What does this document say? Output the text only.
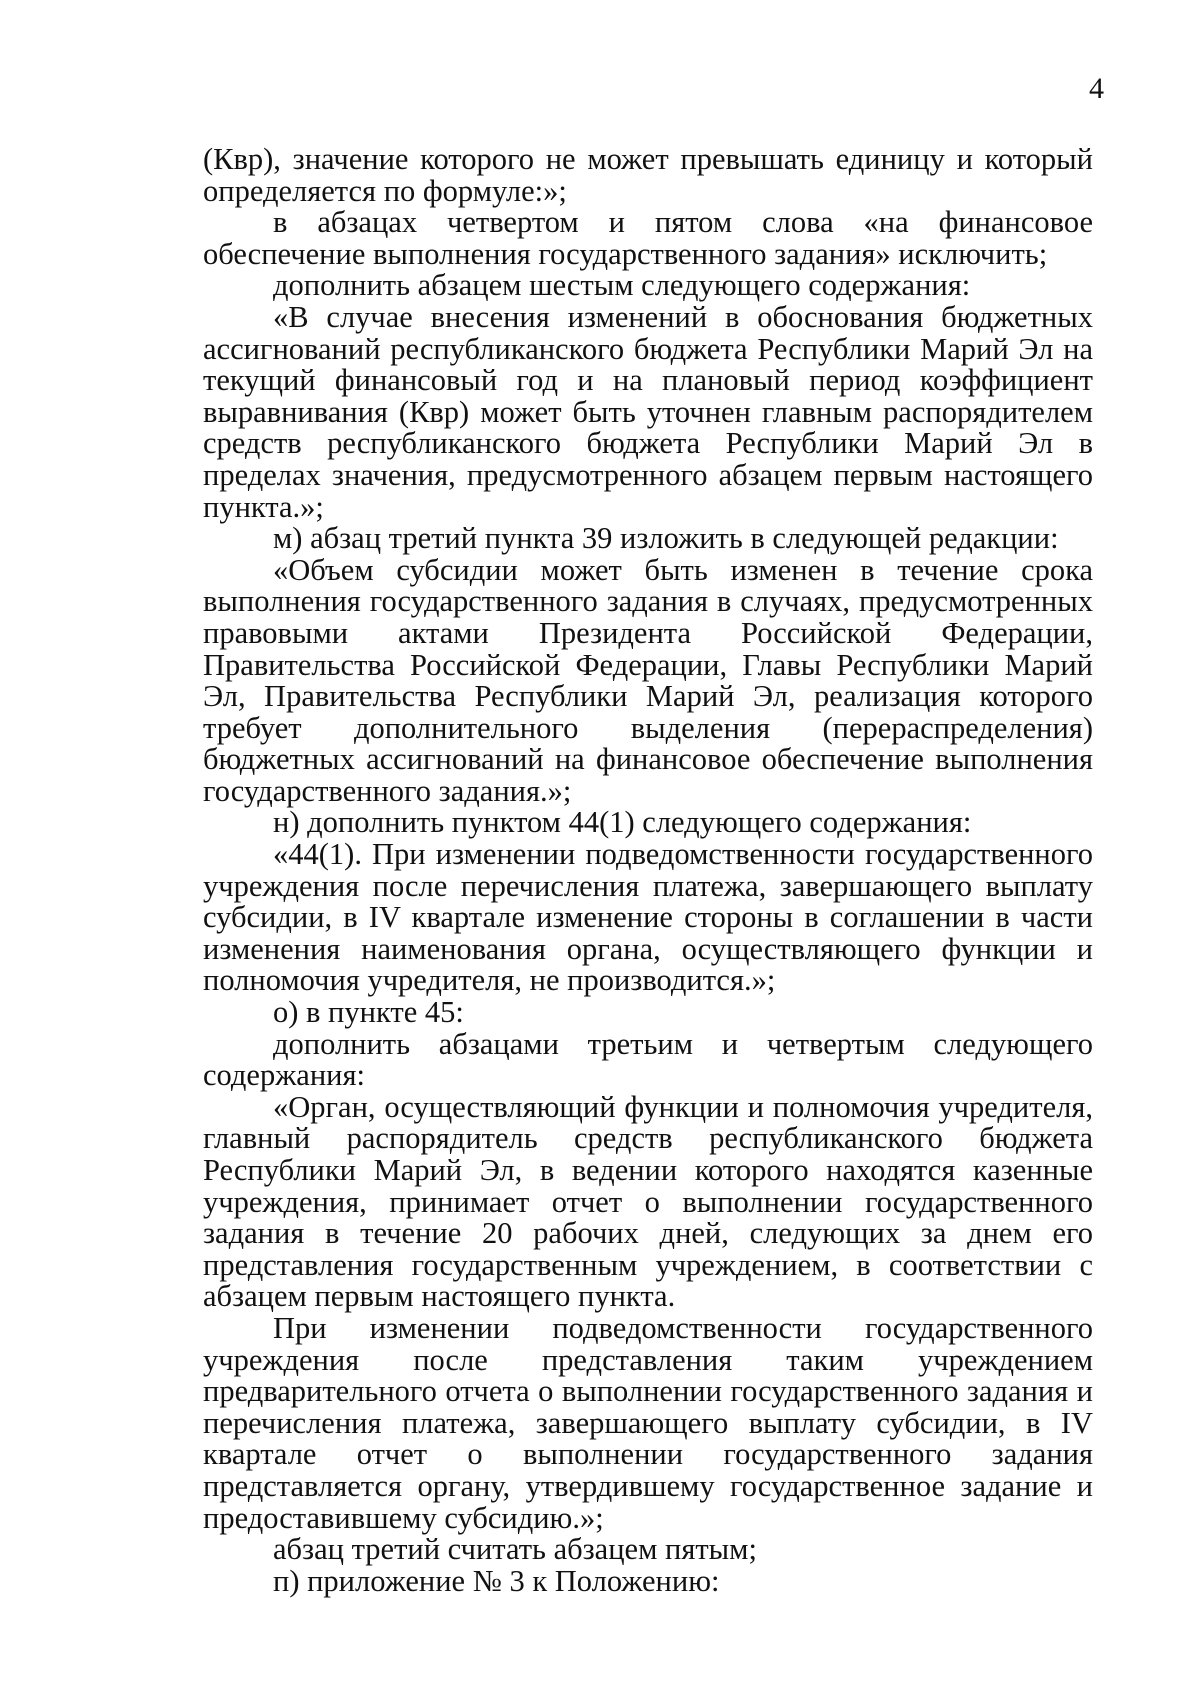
4

(Квр), значение которого не может превышать единицу и который определяется по формуле:»;

в абзацах четвертом и пятом слова «на финансовое обеспечение выполнения государственного задания» исключить;

дополнить абзацем шестым следующего содержания:

«В случае внесения изменений в обоснования бюджетных ассигнований республиканского бюджета Республики Марий Эл на текущий финансовый год и на плановый период коэффициент выравнивания (Квр) может быть уточнен главным распорядителем средств республиканского бюджета Республики Марий Эл в пределах значения, предусмотренного абзацем первым настоящего пункта.»;

м) абзац третий пункта 39 изложить в следующей редакции:

«Объем субсидии может быть изменен в течение срока выполнения государственного задания в случаях, предусмотренных правовыми актами Президента Российской Федерации, Правительства Российской Федерации, Главы Республики Марий Эл, Правительства Республики Марий Эл, реализация которого требует дополнительного выделения (перераспределения) бюджетных ассигнований на финансовое обеспечение выполнения государственного задания.»;

н) дополнить пунктом 44(1) следующего содержания:

«44(1). При изменении подведомственности государственного учреждения после перечисления платежа, завершающего выплату субсидии, в IV квартале изменение стороны в соглашении в части изменения наименования органа, осуществляющего функции и полномочия учредителя, не производится.»;

о) в пункте 45:

дополнить абзацами третьим и четвертым следующего содержания:

«Орган, осуществляющий функции и полномочия учредителя, главный распорядитель средств республиканского бюджета Республики Марий Эл, в ведении которого находятся казенные учреждения, принимает отчет о выполнении государственного задания в течение 20 рабочих дней, следующих за днем его представления государственным учреждением, в соответствии с абзацем первым настоящего пункта.

При изменении подведомственности государственного учреждения после представления таким учреждением предварительного отчета о выполнении государственного задания и перечисления платежа, завершающего выплату субсидии, в IV квартале отчет о выполнении государственного задания представляется органу, утвердившему государственное задание и предоставившему субсидию.»;

абзац третий считать абзацем пятым;

п) приложение № 3 к Положению:
